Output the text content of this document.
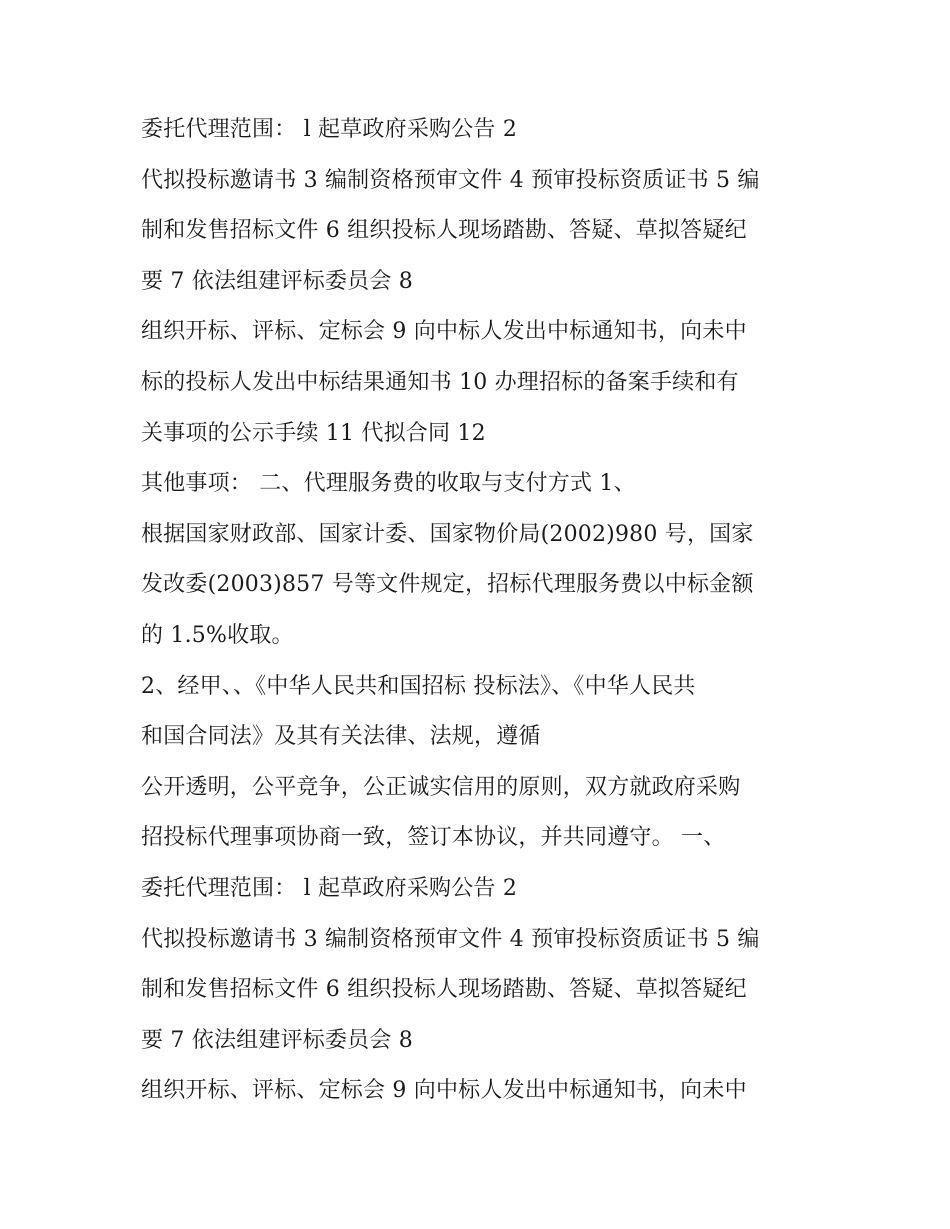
委托代理范围： l 起草政府采购公告 2
代拟投标邀请书 3 编制资格预审文件 4 预审投标资质证书 5 编
制和发售招标文件 6 组织投标人现场踏勘、答疑、草拟答疑纪
要 7 依法组建评标委员会 8
组织开标、评标、定标会 9 向中标人发出中标通知书，向未中
标的投标人发出中标结果通知书 10 办理招标的备案手续和有
关事项的公示手续 11 代拟合同 12
其他事项： 二、代理服务费的收取与支付方式 1、
根据国家财政部、国家计委、国家物价局(2002)980 号，国家
发改委(2003)857 号等文件规定，招标代理服务费以中标金额
的 1.5%收取。
2、经甲、、《中华人民共和国招标 投标法》、《中华人民共
和国合同法》及其有关法律、法规，遵循
公开透明，公平竞争，公正诚实信用的原则，双方就政府采购
招投标代理事项协商一致，签订本协议，并共同遵守。 一、
委托代理范围： l 起草政府采购公告 2
代拟投标邀请书 3 编制资格预审文件 4 预审投标资质证书 5 编
制和发售招标文件 6 组织投标人现场踏勘、答疑、草拟答疑纪
要 7 依法组建评标委员会 8
组织开标、评标、定标会 9 向中标人发出中标通知书，向未中
